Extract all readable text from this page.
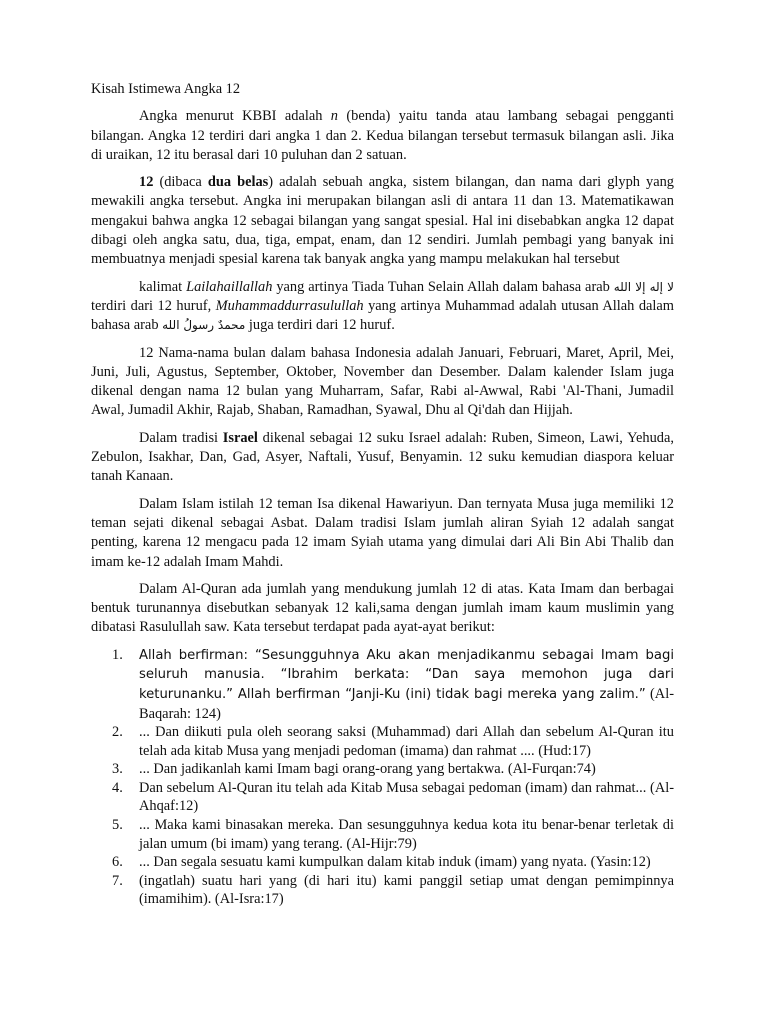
Kisah Istimewa Angka 12

Angka menurut KBBI adalah n (benda) yaitu tanda atau lambang sebagai pengganti bilangan. Angka 12 terdiri dari angka 1 dan 2. Kedua bilangan tersebut termasuk bilangan asli. Jika di uraikan, 12 itu berasal dari 10 puluhan dan 2 satuan.

12 (dibaca dua belas) adalah sebuah angka, sistem bilangan, dan nama dari glyph yang mewakili angka tersebut. Angka ini merupakan bilangan asli di antara 11 dan 13. Matematikawan mengakui bahwa angka 12 sebagai bilangan yang sangat spesial. Hal ini disebabkan angka 12 dapat dibagi oleh angka satu, dua, tiga, empat, enam, dan 12 sendiri. Jumlah pembagi yang banyak ini membuatnya menjadi spesial karena tak banyak angka yang mampu melakukan hal tersebut

kalimat Lailahaillallah yang artinya Tiada Tuhan Selain Allah dalam bahasa arab لا إله إلا الله terdiri dari 12 huruf, Muhammaddurrasulullah yang artinya Muhammad adalah utusan Allah dalam bahasa arab محمدٌ رسولُ الله juga terdiri dari 12 huruf.

12 Nama-nama bulan dalam bahasa Indonesia adalah Januari, Februari, Maret, April, Mei, Juni, Juli, Agustus, September, Oktober, November dan Desember. Dalam kalender Islam juga dikenal dengan nama 12 bulan yang Muharram, Safar, Rabi al-Awwal, Rabi 'Al-Thani, Jumadil Awal, Jumadil Akhir, Rajab, Shaban, Ramadhan, Syawal, Dhu al Qi'dah dan Hijjah.

Dalam tradisi Israel dikenal sebagai 12 suku Israel adalah: Ruben, Simeon, Lawi, Yehuda, Zebulon, Isakhar, Dan, Gad, Asyer, Naftali, Yusuf, Benyamin. 12 suku kemudian diaspora keluar tanah Kanaan.

Dalam Islam istilah 12 teman Isa dikenal Hawariyun. Dan ternyata Musa juga memiliki 12 teman sejati dikenal sebagai Asbat. Dalam tradisi Islam jumlah aliran Syiah 12 adalah sangat penting, karena 12 mengacu pada 12 imam Syiah utama yang dimulai dari Ali Bin Abi Thalib dan imam ke-12 adalah Imam Mahdi.

Dalam Al-Quran ada jumlah yang mendukung jumlah 12 di atas. Kata Imam dan berbagai bentuk turunannya disebutkan sebanyak 12 kali,sama dengan jumlah imam kaum muslimin yang dibatasi Rasulullah saw. Kata tersebut terdapat pada ayat-ayat berikut:

1. Allah berfirman: “Sesungguhnya Aku akan menjadikanmu sebagai Imam bagi seluruh manusia. “Ibrahim berkata: “Dan saya memohon juga dari keturunanku.” Allah berfirman “Janji-Ku (ini) tidak bagi mereka yang zalim.” (Al-Baqarah: 124)
2. ... Dan diikuti pula oleh seorang saksi (Muhammad) dari Allah dan sebelum Al-Quran itu telah ada kitab Musa yang menjadi pedoman (imama) dan rahmat .... (Hud:17)
3. ... Dan jadikanlah kami Imam bagi orang-orang yang bertakwa. (Al-Furqan:74)
4. Dan sebelum Al-Quran itu telah ada Kitab Musa sebagai pedoman (imam) dan rahmat... (Al-Ahqaf:12)
5. ... Maka kami binasakan mereka. Dan sesungguhnya kedua kota itu benar-benar terletak di jalan umum (bi imam) yang terang. (Al-Hijr:79)
6. ... Dan segala sesuatu kami kumpulkan dalam kitab induk (imam) yang nyata. (Yasin:12)
7. (ingatlah) suatu hari yang (di hari itu) kami panggil setiap umat dengan pemimpinnya (imamihim). (Al-Isra:17)
